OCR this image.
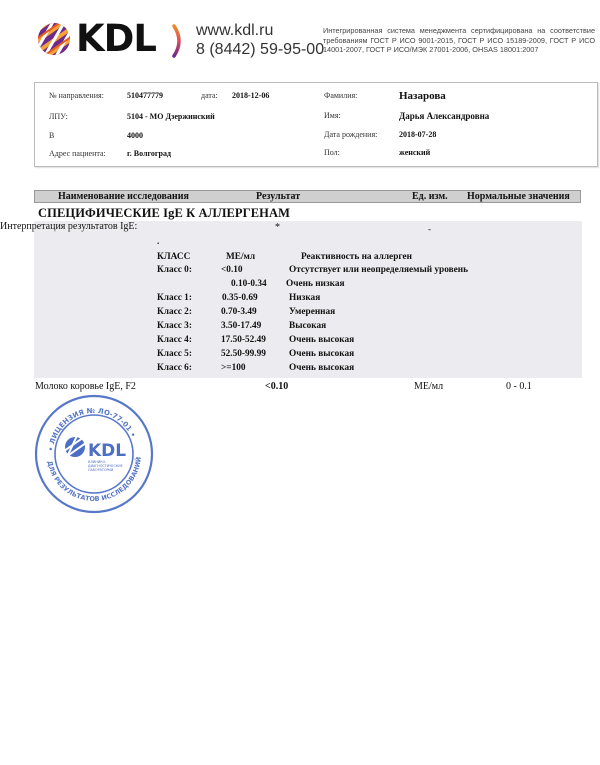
KDL	www.kdl.ru
8 (8442) 59-95-00
Интегрированная система менеджмента сертифицирована на соответствие требованиям ГОСТ Р ИСО 9001-2015, ГОСТ Р ИСО 15189-2009, ГОСТ Р ИСО 14001-2007, ГОСТ Р ИСО/МЭК 27001-2006, OHSAS 18001:2007
№ направления:	510477779	дата: 2018-12-06
ЛПУ:	5104 - МО Дзержинский
В	4000
Адрес пациента:	г. Волгоград
Фамилия:	Назарова
Имя:	Дарья Александровна
Дата рождения:	2018-07-28
Пол:	женский
Наименование исследования	Результат	Ед. изм. Нормальные значения
СПЕЦИФИЧЕСКИЕ IgE К АЛЛЕРГЕНАМ
Интерпретация результатов IgE:	*	-
.
КЛАСС	МЕ/мл	Реактивность на аллерген
Класс 0:	<0.10	Отсутствует или неопределяемый уровень
0.10-0.34 Очень низкая
Класс 1:	0.35-0.69	Низкая
Класс 2:	0.70-3.49	Умеренная
Класс 3:	3.50-17.49	Высокая
Класс 4:	17.50-52.49 Очень высокая
Класс 5:	52.50-99.99 Очень высокая
Класс 6:	>=100	Очень высокая
Молоко коровье IgE, F2	<0.10	МЕ/мл	0 - 0.1
• ЛИЦЕНЗИЯ № ЛО-77-01 •
ДЛЯ РЕЗУЛЬТАТОВ ИССЛЕДОВАНИЙ
KDL
КЛИНИКО-
ДИАГНОСТИЧЕСКИЕ
ЛАБОРАТОРИИ
